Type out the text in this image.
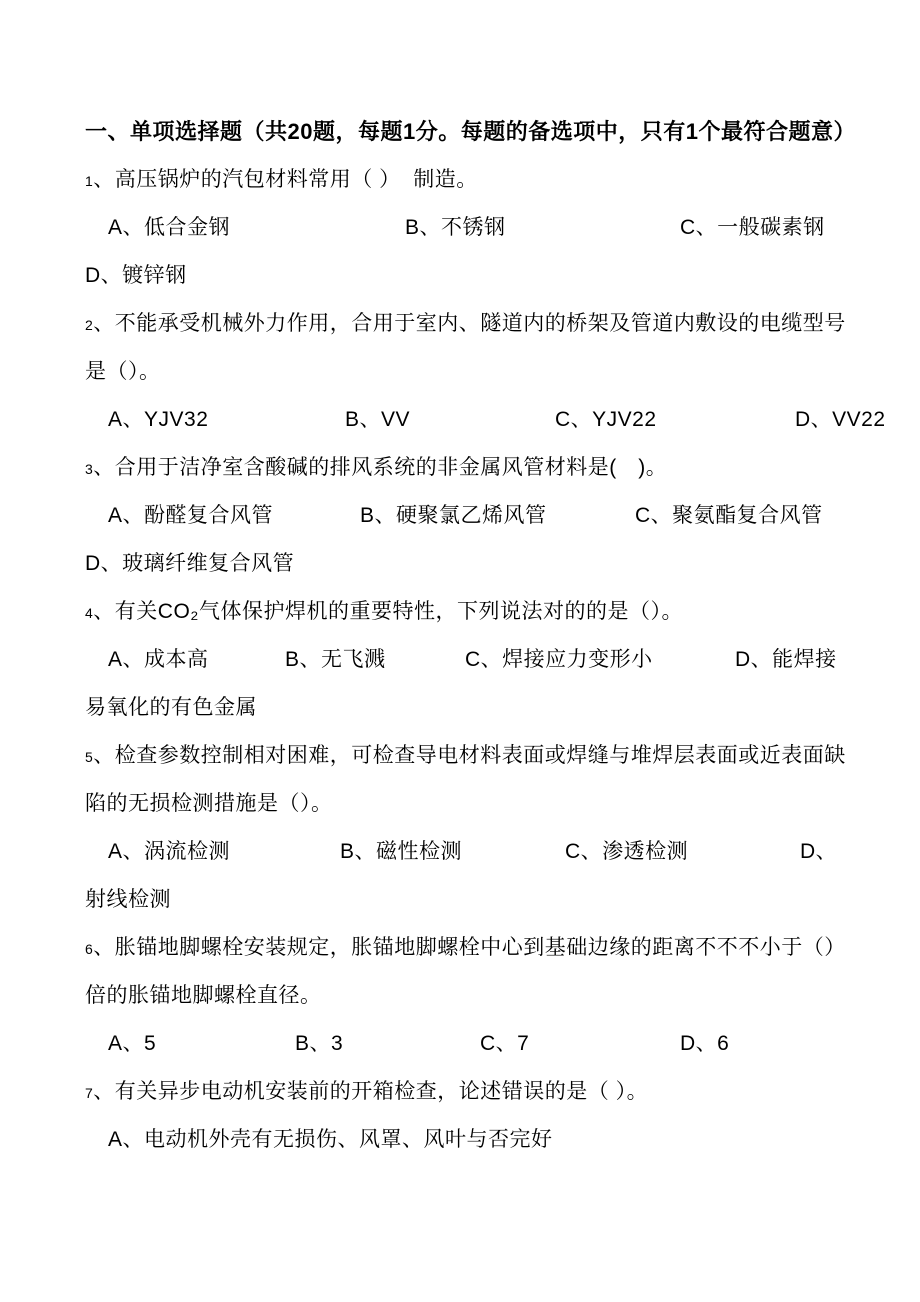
一、单项选择题（共20题，每题1分。每题的备选项中，只有1个最符合题意）
1、高压锅炉的汽包材料常用（ ）  制造。
A、低合金钢	B、不锈钢	C、一般碳素钢
D、镀锌钢
2、不能承受机械外力作用，合用于室内、隧道内的桥架及管道内敷设的电缆型号
是（）。
A、YJV32	B、VV	C、YJV22	D、VV22
3、合用于洁净室含酸碱的排风系统的非金属风管材料是(　)。
A、酚醛复合风管	B、硬聚氯乙烯风管	C、聚氨酯复合风管
D、玻璃纤维复合风管
4、有关CO₂气体保护焊机的重要特性，下列说法对的的是（）。
A、成本高	B、无飞溅	C、焊接应力变形小	D、能焊接
易氧化的有色金属
5、检查参数控制相对困难，可检查导电材料表面或焊缝与堆焊层表面或近表面缺
陷的无损检测措施是（）。
A、涡流检测	B、磁性检测	C、渗透检测	D、
射线检测
6、胀锚地脚螺栓安装规定，胀锚地脚螺栓中心到基础边缘的距离不不不小于（）
倍的胀锚地脚螺栓直径。
A、5	B、3	C、7	D、6
7、有关异步电动机安装前的开箱检查，论述错误的是（ ）。
A、电动机外壳有无损伤、风罩、风叶与否完好
